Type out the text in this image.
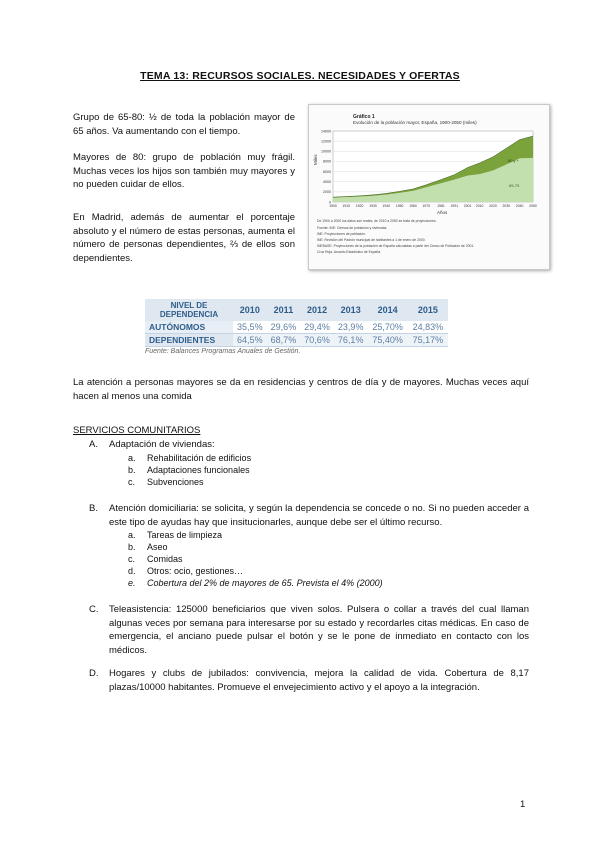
TEMA 13: RECURSOS SOCIALES. NECESIDADES Y OFERTAS
Grupo de 65-80: ½ de toda la población mayor de 65 años. Va aumentando con el tiempo.
Mayores de 80: grupo de población muy frágil. Muchas veces los hijos son también muy mayores y no pueden cuidar de ellos.
En Madrid, además de aumentar el porcentaje absoluto y el número de estas personas, aumenta el número de personas dependientes, ⅔ de ellos son dependientes.
Gráfico 1
Evolución de la población mayor, España, 1900-2050 (miles)
Miles
Años
0
2000
4000
6000
8000
10000
12000
14000
1900 1910 1920 1930 1940 1950 1960 1970 1981 1991 2001 2010 2020 2030 2040 2050
80 y +
65-79
De 1900 a 2000 los datos son reales; de 2010 a 2050 se trata de proyecciones.
Fuente: INE: Censos de población y viviendas.
INE: Proyecciones de población.
INE: Revisión del Padrón municipal de habitantes a 1 de enero de 2000.
INEBASE: Proyecciones de la población de España calculadas a partir del Censo de Población de 2001.
Cruz Roja. Anuario Estadístico de España.
NIVEL DE DEPENDENCIA	2010	2011	2012	2013	2014	2015
AUTÓNOMOS	35,5%	29,6%	29,4%	23,9%	25,70%	24,83%
DEPENDIENTES	64,5%	68,7%	70,6%	76,1%	75,40%	75,17%
Fuente: Balances Programas Anuales de Gestión.
La atención a personas mayores se da en residencias y centros de día y de mayores. Muchas veces aquí hacen al menos una comida
SERVICIOS COMUNITARIOS
A.	Adaptación de viviendas:
a. Rehabilitación de edificios
b. Adaptaciones funcionales
c. Subvenciones
B.	Atención domiciliaria: se solicita, y según la dependencia se concede o no. Si no pueden acceder a este tipo de ayudas hay que insitucionarles, aunque debe ser el último recurso.
a. Tareas de limpieza
b. Aseo
c. Comidas
d. Otros: ocio, gestiones…
e. Cobertura del 2% de mayores de 65. Prevista el 4% (2000)
C.	Teleasistencia: 125000 beneficiarios que viven solos. Pulsera o collar a través del cual llaman algunas veces por semana para interesarse por su estado y recordarles citas médicas. En caso de emergencia, el anciano puede pulsar el botón y se le pone de inmediato en contacto con los médicos.
D.	Hogares y clubs de jubilados: convivencia, mejora la calidad de vida. Cobertura de 8,17 plazas/10000 habitantes. Promueve el envejecimiento activo y el apoyo a la integración.
1
